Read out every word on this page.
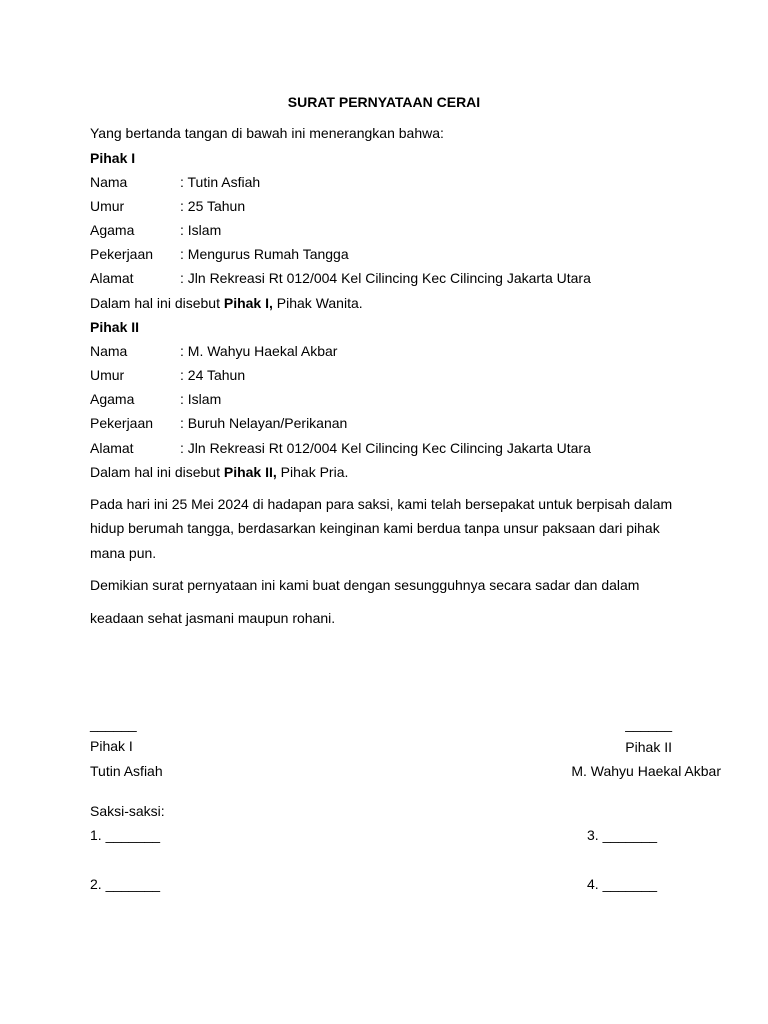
SURAT PERNYATAAN CERAI
Yang bertanda tangan di bawah ini menerangkan bahwa:
Pihak I
Nama	: Tutin Asfiah
Umur	: 25 Tahun
Agama	: Islam
Pekerjaan : Mengurus Rumah Tangga
Alamat	: Jln Rekreasi Rt 012/004 Kel Cilincing Kec Cilincing Jakarta Utara
Dalam hal ini disebut Pihak I, Pihak Wanita.
Pihak II
Nama	: M. Wahyu Haekal Akbar
Umur	: 24 Tahun
Agama	: Islam
Pekerjaan : Buruh Nelayan/Perikanan
Alamat	: Jln Rekreasi Rt 012/004 Kel Cilincing Kec Cilincing Jakarta Utara
Dalam hal ini disebut Pihak II, Pihak Pria.
Pada hari ini 25 Mei 2024 di hadapan para saksi, kami telah bersepakat untuk berpisah dalam
hidup berumah tangga, berdasarkan keinginan kami berdua tanpa unsur paksaan dari pihak
mana pun.
Demikian surat pernyataan ini kami buat dengan sesungguhnya secara sadar dan dalam
keadaan sehat jasmani maupun rohani.
______
Pihak I
Tutin Asfiah
______
Pihak II
M. Wahyu Haekal Akbar
Saksi-saksi:
1. _______
2. _______
3. _______
4. _______
